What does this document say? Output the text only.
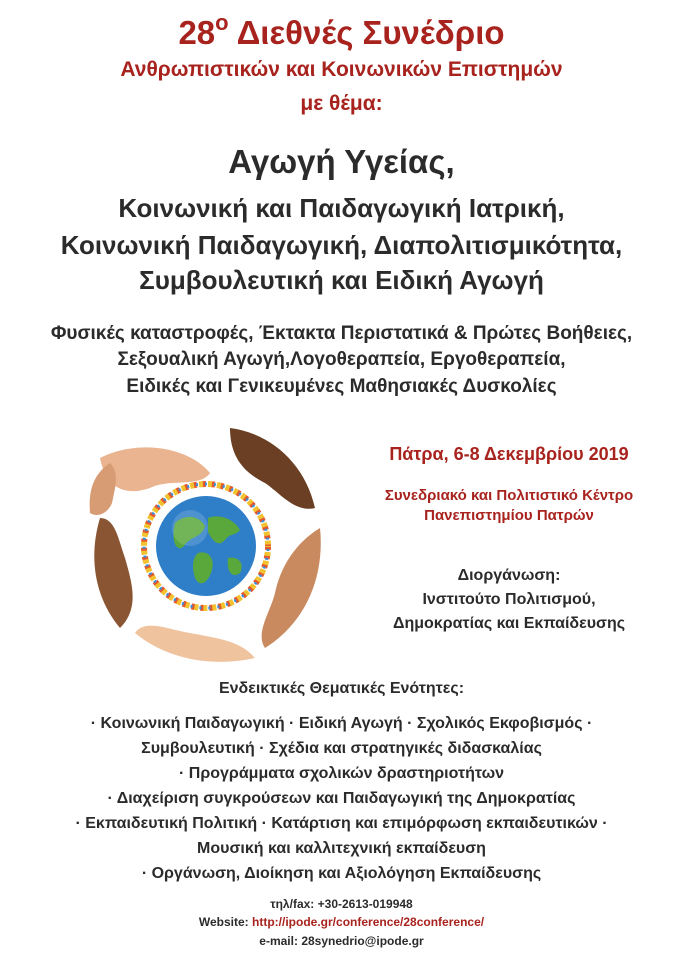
$28^o$ Διεθνές Συνέδριο
Ανθρωπιστικών και Κοινωνικών Επιστημών
με θέμα:
Αγωγή Υγείας,
Κοινωνική και Παιδαγωγική Ιατρική,
Κοινωνική Παιδαγωγική, Διαπολιτισμικότητα,
Συμβουλευτική και Ειδική Αγωγή
Φυσικές καταστροφές, Έκτακτα Περιστατικά & Πρώτες Βοήθειες,
Σεξουαλική Αγωγή,Λογοθεραπεία, Εργοθεραπεία,
Ειδικές και Γενικευμένες Μαθησιακές Δυσκολίες
Πάτρα, 6-8 Δεκεμβρίου 2019
Συνεδριακό και Πολιτιστικό Κέντρο
Πανεπιστημίου Πατρών
Διοργάνωση:
Ινστιτούτο Πολιτισμού,
Δημοκρατίας και Εκπαίδευσης
Ενδεικτικές Θεματικές Ενότητες:
· Κοινωνική Παιδαγωγική · Ειδική Αγωγή · Σχολικός Εκφοβισμός ·
Συμβουλευτική · Σχέδια και στρατηγικές διδασκαλίας
· Προγράμματα σχολικών δραστηριοτήτων
· Διαχείριση συγκρούσεων και Παιδαγωγική της Δημοκρατίας
· Εκπαιδευτική Πολιτική · Κατάρτιση και επιμόρφωση εκπαιδευτικών ·
Μουσική και καλλιτεχνική εκπαίδευση
· Οργάνωση, Διοίκηση και Αξιολόγηση Εκπαίδευσης
τηλ/fax: +30-2613-019948
Website: http://ipode.gr/conference/28conference/
e-mail: 28synedrio@ipode.gr
